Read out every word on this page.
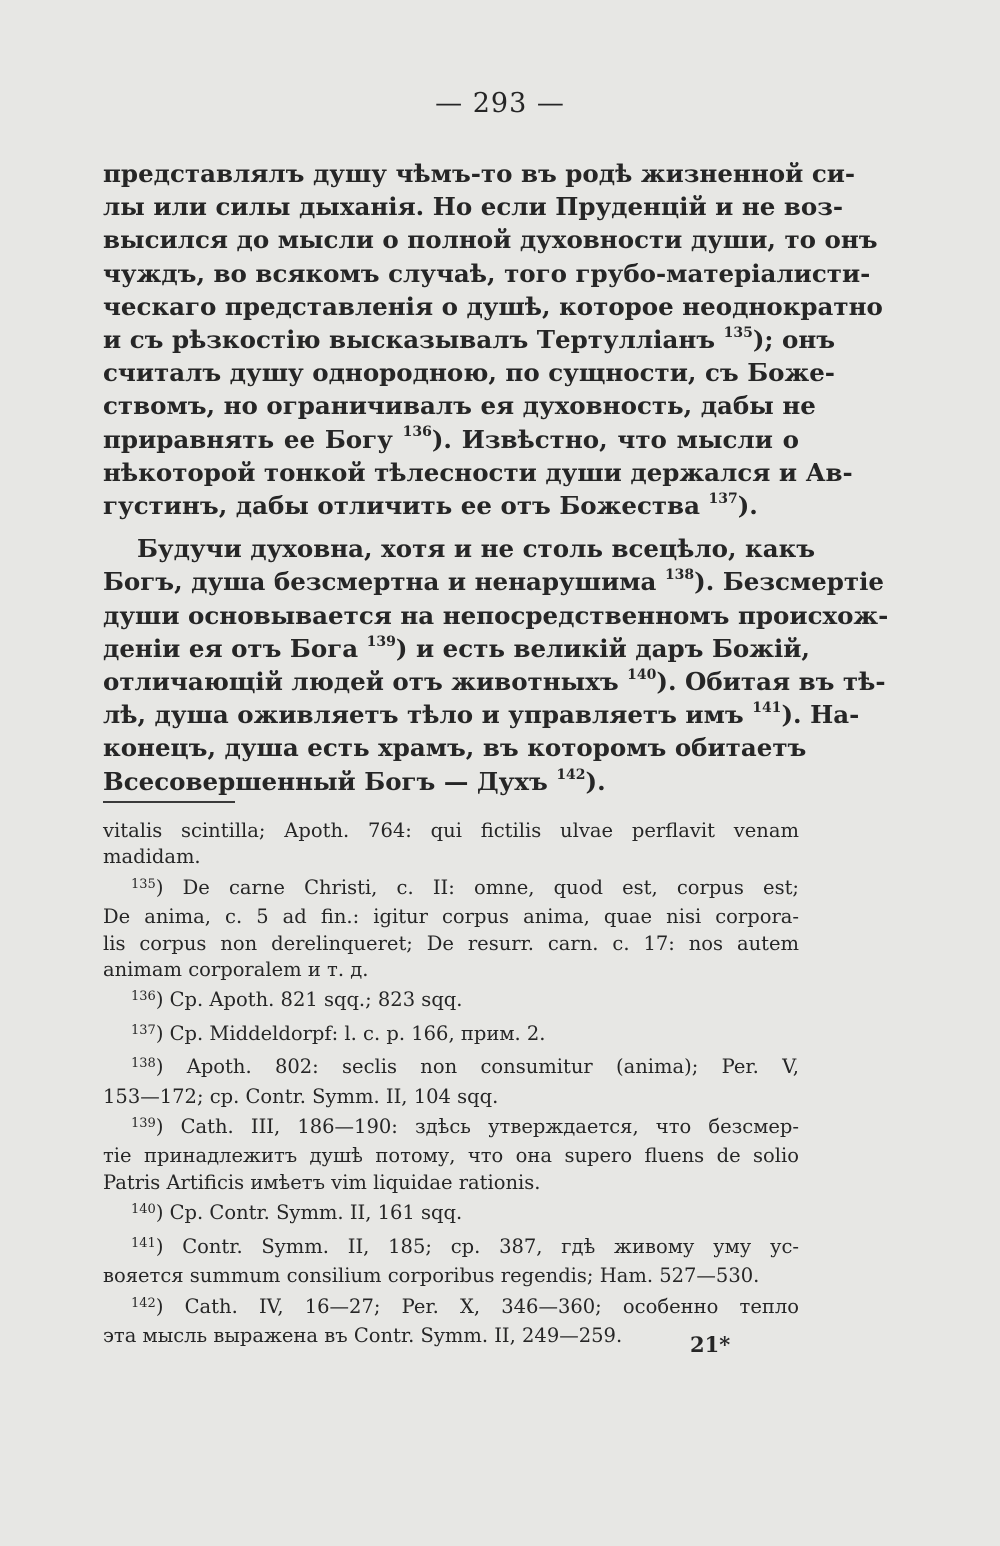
— 293 —

представлялъ душу чѣмъ-то въ родѣ жизненной си-
лы или силы дыханія. Но если Пруденцій и не воз-
высился до мысли о полной духовности души, то онъ
чуждъ, во всякомъ случаѣ, того грубо-матеріалисти-
ческаго представленія о душѣ, которое неоднократно
и съ рѣзкостію высказывалъ Тертулліанъ $^{135}$); онъ
считалъ душу однородною, по сущности, съ Боже-
ствомъ, но ограничивалъ ея духовность, дабы не
приравнять ее Богу $^{136}$). Извѣстно, что мысли о
нѣкоторой тонкой тѣлесности души держался и Ав-
густинъ, дабы отличить ее отъ Божества $^{137}$).

Будучи духовна, хотя и не столь всецѣло, какъ
Богъ, душа безсмертна и ненарушима $^{138}$). Безсмертіе
души основывается на непосредственномъ происхож-
деніи ея отъ Бога $^{139}$) и есть великій даръ Божій,
отличающій людей отъ животныхъ $^{140}$). Обитая въ тѣ-
лѣ, душа оживляетъ тѣло и управляетъ имъ $^{141}$). На-
конецъ, душа есть храмъ, въ которомъ обитаетъ
Всесовершенный Богъ — Духъ $^{142}$).

vitalis scintilla; Apoth. 764: qui fictilis ulvae perflavit venam
madidam.

$^{135}$) De carne Christi, c. II: omne, quod est, corpus est;
De anima, c. 5 ad fin.: igitur corpus anima, quae nisi corpora-
lis corpus non derelinqueret; De resurr. carn. c. 17: nos autem
animam corporalem и т. д.

$^{136}$) Ср. Apoth. 821 sqq.; 823 sqq.

$^{137}$) Ср. Middeldorpf: l. c. p. 166, прим. 2.

$^{138}$) Apoth. 802: seclis non consumitur (anima); Per. V,
153—172; ср. Contr. Symm. II, 104 sqq.

$^{139}$) Cath. III, 186—190: здѣсь утверждается, что безсмер-
тіе принадлежитъ душѣ потому, что она supero fluens de solio
Patris Artificis имѣетъ vim liquidae rationis.

$^{140}$) Ср. Contr. Symm. II, 161 sqq.

$^{141}$) Contr. Symm. II, 185; ср. 387, гдѣ живому уму ус-
вояется summum consilium corporibus regendis; Ham. 527—530.

$^{142}$) Cath. IV, 16—27; Per. X, 346—360; особенно тепло
эта мысль выражена въ Contr. Symm. II, 249—259.	21*
